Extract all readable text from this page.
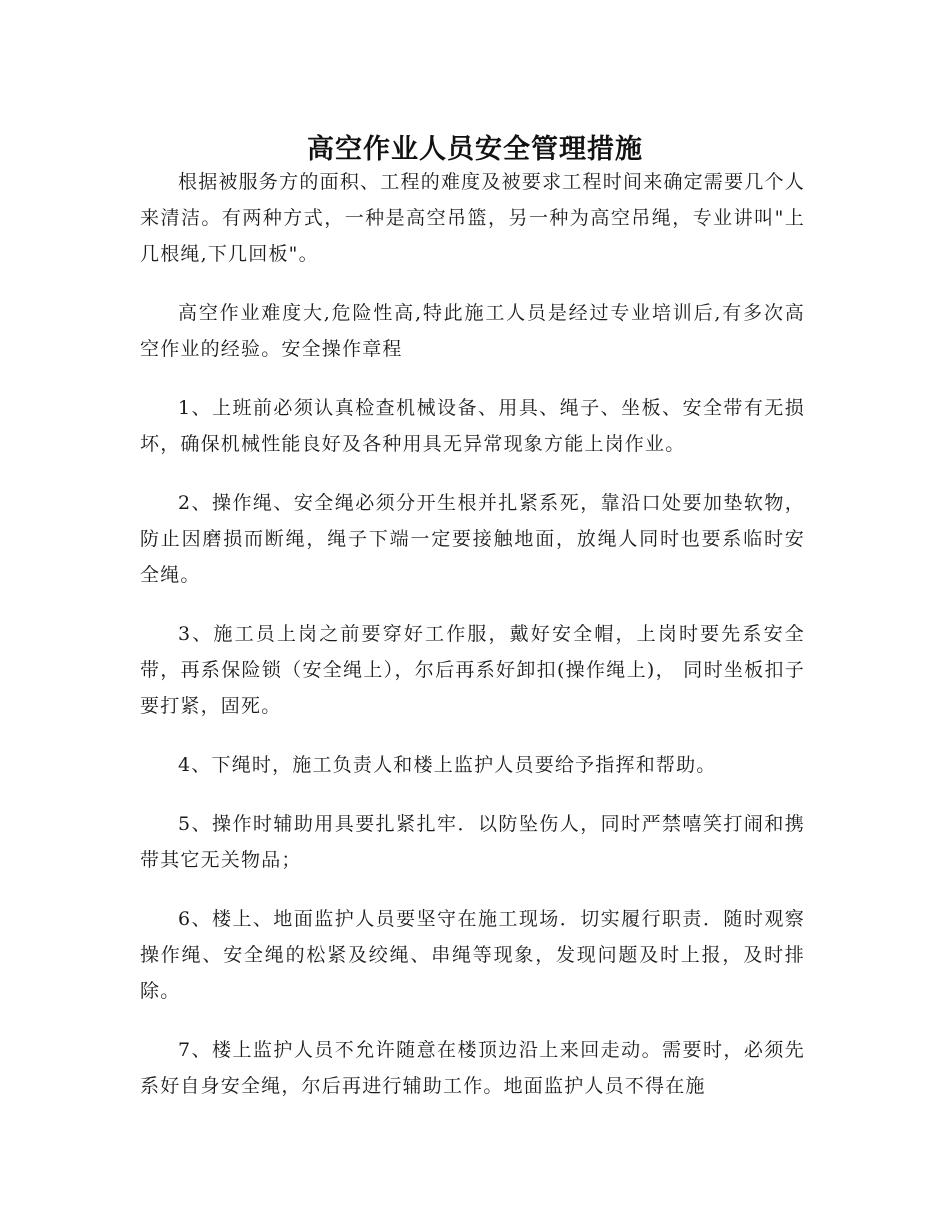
高空作业人员安全管理措施

根据被服务方的面积、工程的难度及被要求工程时间来确定需要几个人来清洁。有两种方式，一种是高空吊篮，另一种为高空吊绳，专业讲叫"上几根绳,下几回板"。

高空作业难度大,危险性高,特此施工人员是经过专业培训后,有多次高空作业的经验。安全操作章程

1、上班前必须认真检查机械设备、用具、绳子、坐板、安全带有无损坏，确保机械性能良好及各种用具无异常现象方能上岗作业。

2、操作绳、安全绳必须分开生根并扎紧系死，靠沿口处要加垫软物，防止因磨损而断绳，绳子下端一定要接触地面，放绳人同时也要系临时安全绳。

3、施工员上岗之前要穿好工作服，戴好安全帽，上岗时要先系安全带，再系保险锁（安全绳上），尔后再系好卸扣(操作绳上)， 同时坐板扣子要打紧，固死。

4、下绳时，施工负责人和楼上监护人员要给予指挥和帮助。

5、操作时辅助用具要扎紧扎牢．以防坠伤人，同时严禁嘻笑打闹和携带其它无关物品；

6、楼上、地面监护人员要坚守在施工现场．切实履行职责．随时观察操作绳、安全绳的松紧及绞绳、串绳等现象，发现问题及时上报，及时排除。

7、楼上监护人员不允许随意在楼顶边沿上来回走动。需要时，必须先系好自身安全绳，尔后再进行辅助工作。地面监护人员不得在施
